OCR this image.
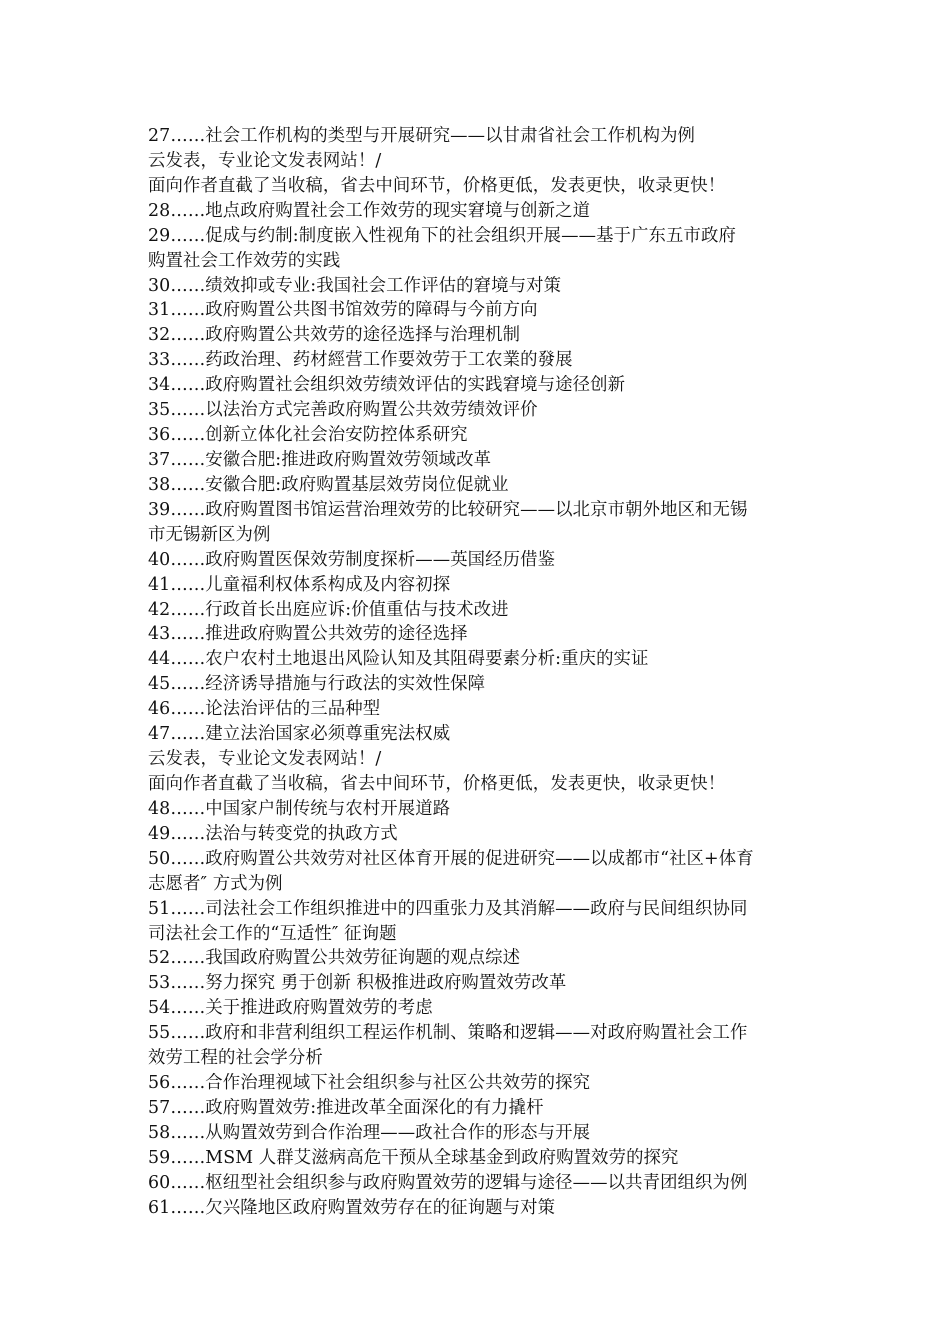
27……社会工作机构的类型与开展研究——以甘肃省社会工作机构为例
云发表，专业论文发表网站！/
面向作者直截了当收稿，省去中间环节，价格更低，发表更快，收录更快！
28……地点政府购置社会工作效劳的现实窘境与创新之道
29……促成与约制:制度嵌入性视角下的社会组织开展——基于广东五市政府
购置社会工作效劳的实践
30……绩效抑或专业:我国社会工作评估的窘境与对策
31……政府购置公共图书馆效劳的障碍与今前方向
32……政府购置公共效劳的途径选择与治理机制
33……药政治理、药材經营工作要效劳于工农業的發展
34……政府购置社会组织效劳绩效评估的实践窘境与途径创新
35……以法治方式完善政府购置公共效劳绩效评价
36……创新立体化社会治安防控体系研究
37……安徽合肥:推进政府购置效劳领域改革
38……安徽合肥:政府购置基层效劳岗位促就业
39……政府购置图书馆运营治理效劳的比较研究——以北京市朝外地区和无锡
市无锡新区为例
40……政府购置医保效劳制度探析——英国经历借鉴
41……儿童福利权体系构成及内容初探
42……行政首长出庭应诉:价值重估与技术改进
43……推进政府购置公共效劳的途径选择
44……农户农村土地退出风险认知及其阻碍要素分析:重庆的实证
45……经济诱导措施与行政法的实效性保障
46……论法治评估的三品种型
47……建立法治国家必须尊重宪法权威
云发表，专业论文发表网站！/
面向作者直截了当收稿，省去中间环节，价格更低，发表更快，收录更快！
48……中国家户制传统与农村开展道路
49……法治与转变党的执政方式
50……政府购置公共效劳对社区体育开展的促进研究——以成都市“社区+体育
志愿者″ 方式为例
51……司法社会工作组织推进中的四重张力及其消解——政府与民间组织协同
司法社会工作的“互适性″ 征询题
52……我国政府购置公共效劳征询题的观点综述
53……努力探究 勇于创新 积极推进政府购置效劳改革
54……关于推进政府购置效劳的考虑
55……政府和非营利组织工程运作机制、策略和逻辑——对政府购置社会工作
效劳工程的社会学分析
56……合作治理视域下社会组织参与社区公共效劳的探究
57……政府购置效劳:推进改革全面深化的有力撬杆
58……从购置效劳到合作治理——政社合作的形态与开展
59……MSM 人群艾滋病高危干预从全球基金到政府购置效劳的探究
60……枢纽型社会组织参与政府购置效劳的逻辑与途径——以共青团组织为例
61……欠兴隆地区政府购置效劳存在的征询题与对策
